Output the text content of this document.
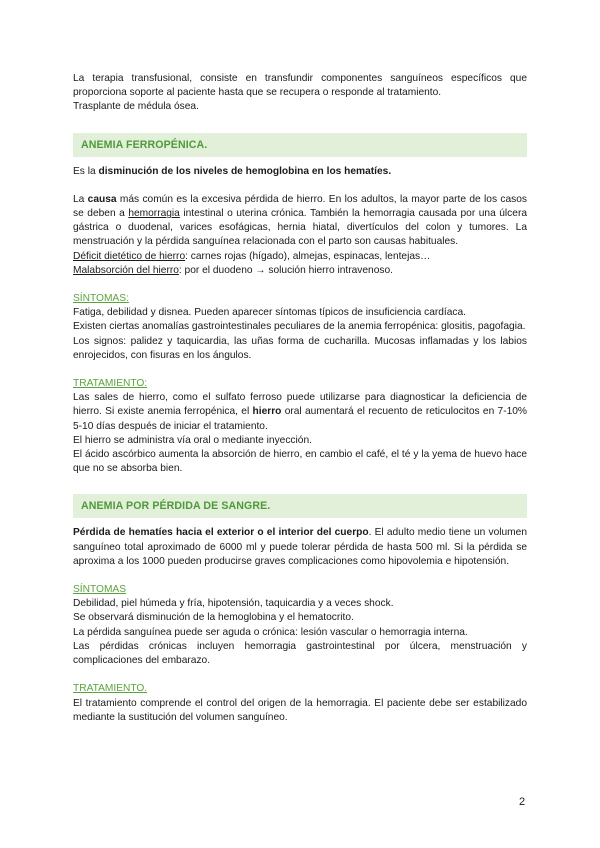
La terapia transfusional, consiste en transfundir componentes sanguíneos específicos que proporciona soporte al paciente hasta que se recupera o responde al tratamiento.

Trasplante de médula ósea.

ANEMIA FERROPÉNICA.

Es la disminución de los niveles de hemoglobina en los hematíes.

La causa más común es la excesiva pérdida de hierro. En los adultos, la mayor parte de los casos se deben a hemorragia intestinal o uterina crónica. También la hemorragia causada por una úlcera gástrica o duodenal, varices esofágicas, hernia hiatal, divertículos del colon y tumores. La menstruación y la pérdida sanguínea relacionada con el parto son causas habituales.

Déficit dietético de hierro: carnes rojas (hígado), almejas, espinacas, lentejas…

Malabsorción del hierro: por el duodeno → solución hierro intravenoso.

SÍNTOMAS:

Fatiga, debilidad y disnea. Pueden aparecer síntomas típicos de insuficiencia cardíaca.

Existen ciertas anomalías gastrointestinales peculiares de la anemia ferropénica: glositis, pagofagia.

Los signos: palidez y taquicardia, las uñas forma de cucharilla. Mucosas inflamadas y los labios enrojecidos, con fisuras en los ángulos.

TRATAMIENTO:

Las sales de hierro, como el sulfato ferroso puede utilizarse para diagnosticar la deficiencia de hierro. Si existe anemia ferropénica, el hierro oral aumentará el recuento de reticulocitos en 7-10% 5-10 días después de iniciar el tratamiento.

El hierro se administra vía oral o mediante inyección.

El ácido ascórbico aumenta la absorción de hierro, en cambio el café, el té y la yema de huevo hace que no se absorba bien.

ANEMIA POR PÉRDIDA DE SANGRE.

Pérdida de hematíes hacia el exterior o el interior del cuerpo. El adulto medio tiene un volumen sanguíneo total aproximado de 6000 ml y puede tolerar pérdida de hasta 500 ml. Si la pérdida se aproxima a los 1000 pueden producirse graves complicaciones como hipovolemia e hipotensión.

SÍNTOMAS

Debilidad, piel húmeda y fría, hipotensión, taquicardia y a veces shock.

Se observará disminución de la hemoglobina y el hematocrito.

La pérdida sanguínea puede ser aguda o crónica: lesión vascular o hemorragia interna.

Las pérdidas crónicas incluyen hemorragia gastrointestinal por úlcera, menstruación y complicaciones del embarazo.

TRATAMIENTO.

El tratamiento comprende el control del origen de la hemorragia. El paciente debe ser estabilizado mediante la sustitución del volumen sanguíneo.

2
